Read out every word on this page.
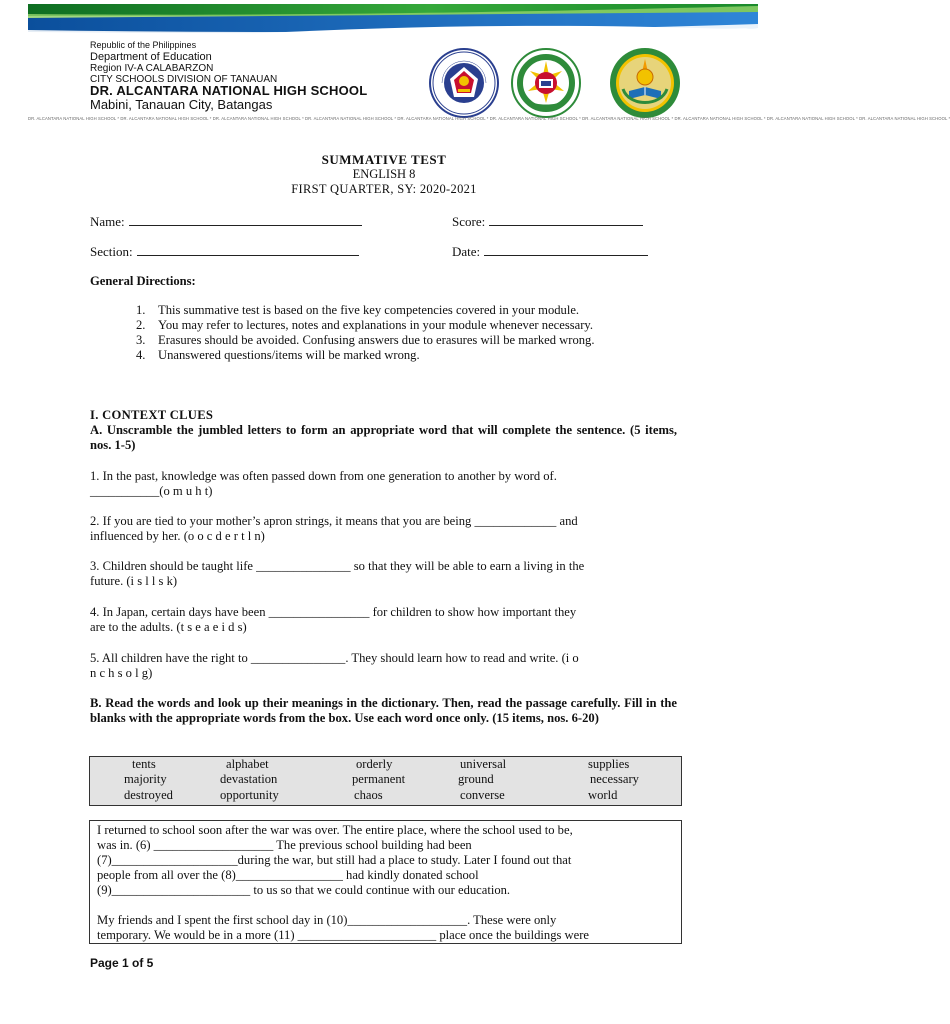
Republic of the Philippines
Department of Education
Region IV-A CALABARZON
CITY SCHOOLS DIVISION OF TANAUAN
DR. ALCANTARA NATIONAL HIGH SCHOOL
Mabini, Tanauan City, Batangas
DR. ALCANTARA NATIONAL HIGH SCHOOL * DR. ALCANTARA NATIONAL HIGH SCHOOL * DR. ALCANTARA NATIONAL HIGH SCHOOL * DR. ALCANTARA NATIONAL HIGH SCHOOL * DR. ALCANTARA NATIONAL HIGH SCHOOL * DR. ALCANTARA NATIONAL HIGH SCHOOL * DR. ALCANTARA NATIONAL HIGH SCHOOL * DR. ALCANTARA NATIONAL HIGH SCHOOL * DR. ALCANTARA NATIONAL HIGH SCHOOL * DR. ALCANTARA NATIONAL HIGH SCHOOL *
SUMMATIVE TEST
ENGLISH 8
FIRST QUARTER, SY: 2020-2021
Name:	Score:
Section:	Date:
General Directions:
1. This summative test is based on the five key competencies covered in your module.
2. You may refer to lectures, notes and explanations in your module whenever necessary.
3. Erasures should be avoided. Confusing answers due to erasures will be marked wrong.
4. Unanswered questions/items will be marked wrong.
I. CONTEXT CLUES
A. Unscramble the jumbled letters to form an appropriate word that will complete the sentence. (5 items, nos. 1-5)
1. In the past, knowledge was often passed down from one generation to another by word of.
___________(o m u h t)
2. If you are tied to your mother’s apron strings, it means that you are being _____________ and
influenced by her. (o o c d e r t l n)
3. Children should be taught life _______________ so that they will be able to earn a living in the
future. (i s l l s k)
4. In Japan, certain days have been ________________ for children to show how important they
are to the adults. (t s e a e i d s)
5. All children have the right to _______________. They should learn how to read and write. (i o
n c h s o l g)
B. Read the words and look up their meanings in the dictionary. Then, read the passage carefully. Fill in the blanks with the appropriate words from the box. Use each word once only. (15 items, nos. 6-20)
tents	alphabet	orderly	universal	supplies
majority	devastation	permanent	ground	necessary
destroyed	opportunity	chaos	converse	world
I returned to school soon after the war was over. The entire place, where the school used to be,
was in. (6) ___________________ The previous school building had been
(7)____________________during the war, but still had a place to study. Later I found out that
people from all over the (8)_________________ had kindly donated school
(9)______________________ to us so that we could continue with our education.
My friends and I spent the first school day in (10)___________________. These were only
temporary. We would be in a more (11) ______________________ place once the buildings were
Page 1 of 5
